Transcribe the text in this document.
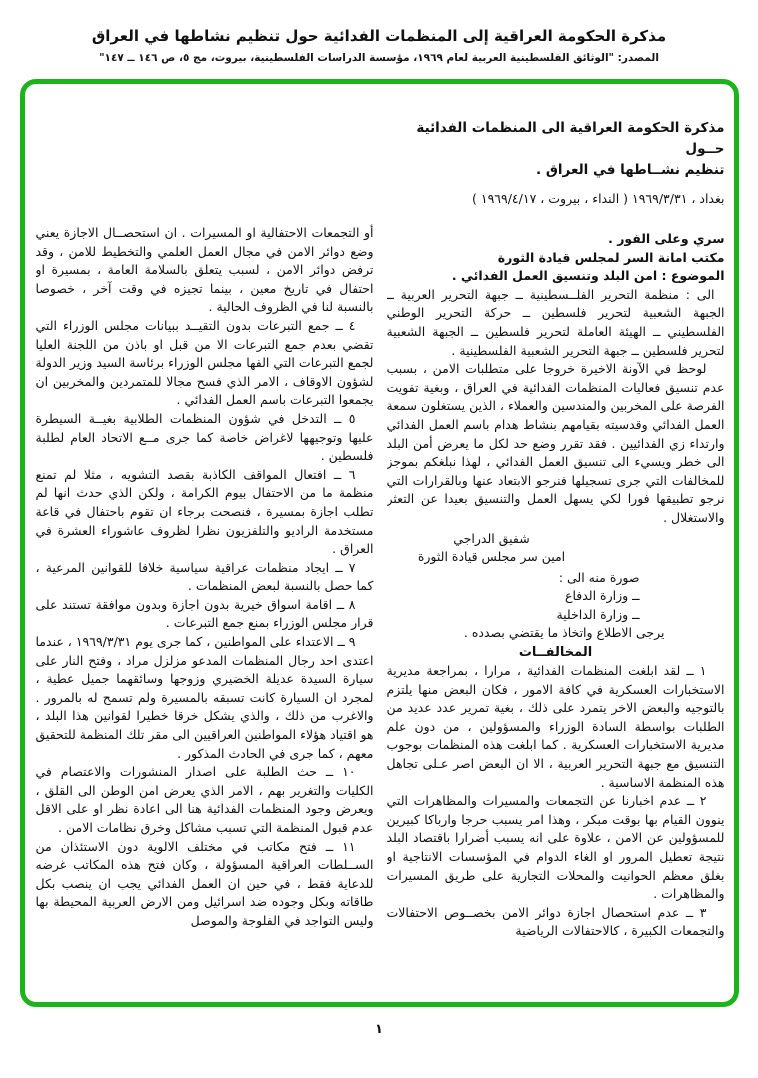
مذكرة الحكومة العراقية إلى المنظمات الفدائية حول تنظيم نشاطها في العراق
المصدر: "الوثائق الفلسطينية العربية لعام ١٩٦٩، مؤسسة الدراسات الفلسطينية، بيروت، مج ٥، ص ١٤٦ ــ ١٤٧"
مذكرة الحكومة العراقية الى المنظمات الفدائية حــول
تنظيم نشــاطها في العراق .
بغداد ، ١٩٦٩/٣/٣١ ( النداء ، بيروت ، ١٩٦٩/٤/١٧ )

سري وعلى الفور .

مكتب امانة السر لمجلس قيادة الثورة

الموضوع : امن البلد وتنسيق العمل الفدائي .

الى : منظمة التحرير الفلــسطينية ــ جبهة التحرير العربية ــ الجبهة الشعبية لتحرير فلسطين ــ حركة التحرير الوطني الفلسطيني ــ الهيئة العاملة لتحرير فلسطين ــ الجبهة الشعبية لتحرير فلسطين ــ جبهة التحرير الشعبية الفلسطينية .

لوحظ في الآونة الاخيرة خروجا على متطلبات الامن ، بسبب عدم تنسيق فعاليات المنظمات الفدائية في العراق ، وبغية تفويت الفرصة على المخربين والمندسين والعملاء ، الذين يستغلون سمعة العمل الفدائي وقدسيته بقيامهم بنشاط هدام باسم العمل الفدائي وارتداء زي الفدائيين . فقد تقرر وضع حد لكل ما يعرض أمن البلد الى خطر ويسيء الى تنسيق العمل الفدائي ، لهذا نبلغكم بموجز للمخالفات التي جرى تسجيلها فنرجو الابتعاد عنها وبالقرارات التي نرجو تطبيقها فورا لكي يسهل العمل والتنسيق بعيدا عن التعثر والاستغلال .

شفيق الدراجي

امين سر مجلس قيادة الثورة

صورة منه الى :

ــ وزارة الدفاع

ــ وزارة الداخلية

يرجى الاطلاع واتخاذ ما يقتضي بصدده .

المخالفــات

١ ــ لقد ابلغت المنظمات الفدائية ، مرارا ، بمراجعة مديرية الاستخبارات العسكرية في كافة الامور ، فكان البعض منها يلتزم بالتوجيه والبعض الاخر يتمرد على ذلك ، بغية تمرير عدد عديد من الطلبات بواسطة السادة الوزراء والمسؤولين ، من دون علم مديرية الاستخبارات العسكرية . كما ابلغت هذه المنظمات بوجوب التنسيق مع جبهة التحرير العربية ، الا ان البعض اصر عـلى تجاهل هذه المنظمة الاساسية .

٢ ــ عدم اخبارنا عن التجمعات والمسيرات والمظاهرات التي ينوون القيام بها بوقت مبكر ، وهذا امر يسبب حرجا وارباكا كبيرين للمسؤولين عن الامن ، علاوة على انه يسبب أضرارا باقتصاد البلد نتيجة تعطيل المرور او الغاء الدوام في المؤسسات الانتاجية او بغلق معظم الحوانيت والمحلات التجارية على طريق المسيرات والمظاهرات .

٣ ــ عدم استحصال اجازة دوائر الامن بخصــوص الاحتفالات والتجمعات الكبيرة ، كالاحتفالات الرياضية

أو التجمعات الاحتفالية او المسيرات . ان استحصــال الاجازة يعني وضع دوائر الامن في مجال العمل العلمي والتخطيط للامن ، وقد ترفض دوائر الامن ، لسبب يتعلق بالسلامة العامة ، بمسيرة او احتفال في تاريخ معين ، بينما تجيزه في وقت آخر ، خصوصا بالنسبة لنا في الظروف الحالية .

٤ ــ جمع التبرعات بدون التقيــد ببيانات مجلس الوزراء التي تقضي بعدم جمع التبرعات الا من قبل او باذن من اللجنة العليا لجمع التبرعات التي الفها مجلس الوزراء برئاسة السيد وزير الدولة لشؤون الاوقاف ، الامر الذي فسح مجالا للمتمردين والمخربين ان يجمعوا التبرعات باسم العمل الفدائي .

٥ ــ التدخل في شؤون المنظمات الطلابية بغيــة السيطرة عليها وتوجيهها لاغراض خاصة كما جرى مــع الاتحاد العام لطلبة فلسطين .

٦ ــ افتعال المواقف الكاذبة بقصد التشويه ، مثلا لم تمنع منظمة ما من الاحتفال بيوم الكرامة ، ولكن الذي حدث انها لم تطلب اجازة بمسيرة ، فنصحت برجاء ان تقوم باحتفال في قاعة مستخدمة الراديو والتلفزيون نظرا لظروف عاشوراء العشرة في العراق .

٧ ــ ايجاد منظمات عراقية سياسية خلافا للقوانين المرعية ، كما حصل بالنسبة لبعض المنظمات .

٨ ــ اقامة اسواق خيرية بدون اجازة وبدون موافقة تستند على قرار مجلس الوزراء بمنع جمع التبرعات .

٩ ــ الاعتداء على المواطنين ، كما جرى يوم ١٩٦٩/٣/٣١ ، عندما اعتدى احد رجال المنظمات المدعو مزلزل مراد ، وفتح النار على سيارة السيدة عديلة الخضيري وزوجها وسائقهما جميل عطية ، لمجرد ان السيارة كانت تسبقه بالمسيرة ولم تسمح له بالمرور . والاغرب من ذلك ، والذي يشكل خرقا خطيرا لقوانين هذا البلد ، هو اقتياد هؤلاء المواطنين العراقيين الى مقر تلك المنظمة للتحقيق معهم ، كما جرى في الحادث المذكور .

١٠ ــ حث الطلبة على اصدار المنشورات والاعتصام في الكليات والتغرير بهم ، الامر الذي يعرض امن الوطن الى القلق ، ويعرض وجود المنظمات الفدائية هنا الى اعادة نظر او على الاقل عدم قبول المنظمة التي تسبب مشاكل وخرق نظامات الامن .

١١ ــ فتح مكاتب في مختلف الالوية دون الاستئذان من الســلطات العراقية المسؤولة ، وكان فتح هذه المكاتب غرضه للدعاية فقط ، في حين ان العمل الفدائي يجب ان ينصب بكل طاقاته وبكل وجوده ضد اسرائيل ومن الارض العربية المحيطة بها وليس التواجد في الفلوجة والموصل

١
